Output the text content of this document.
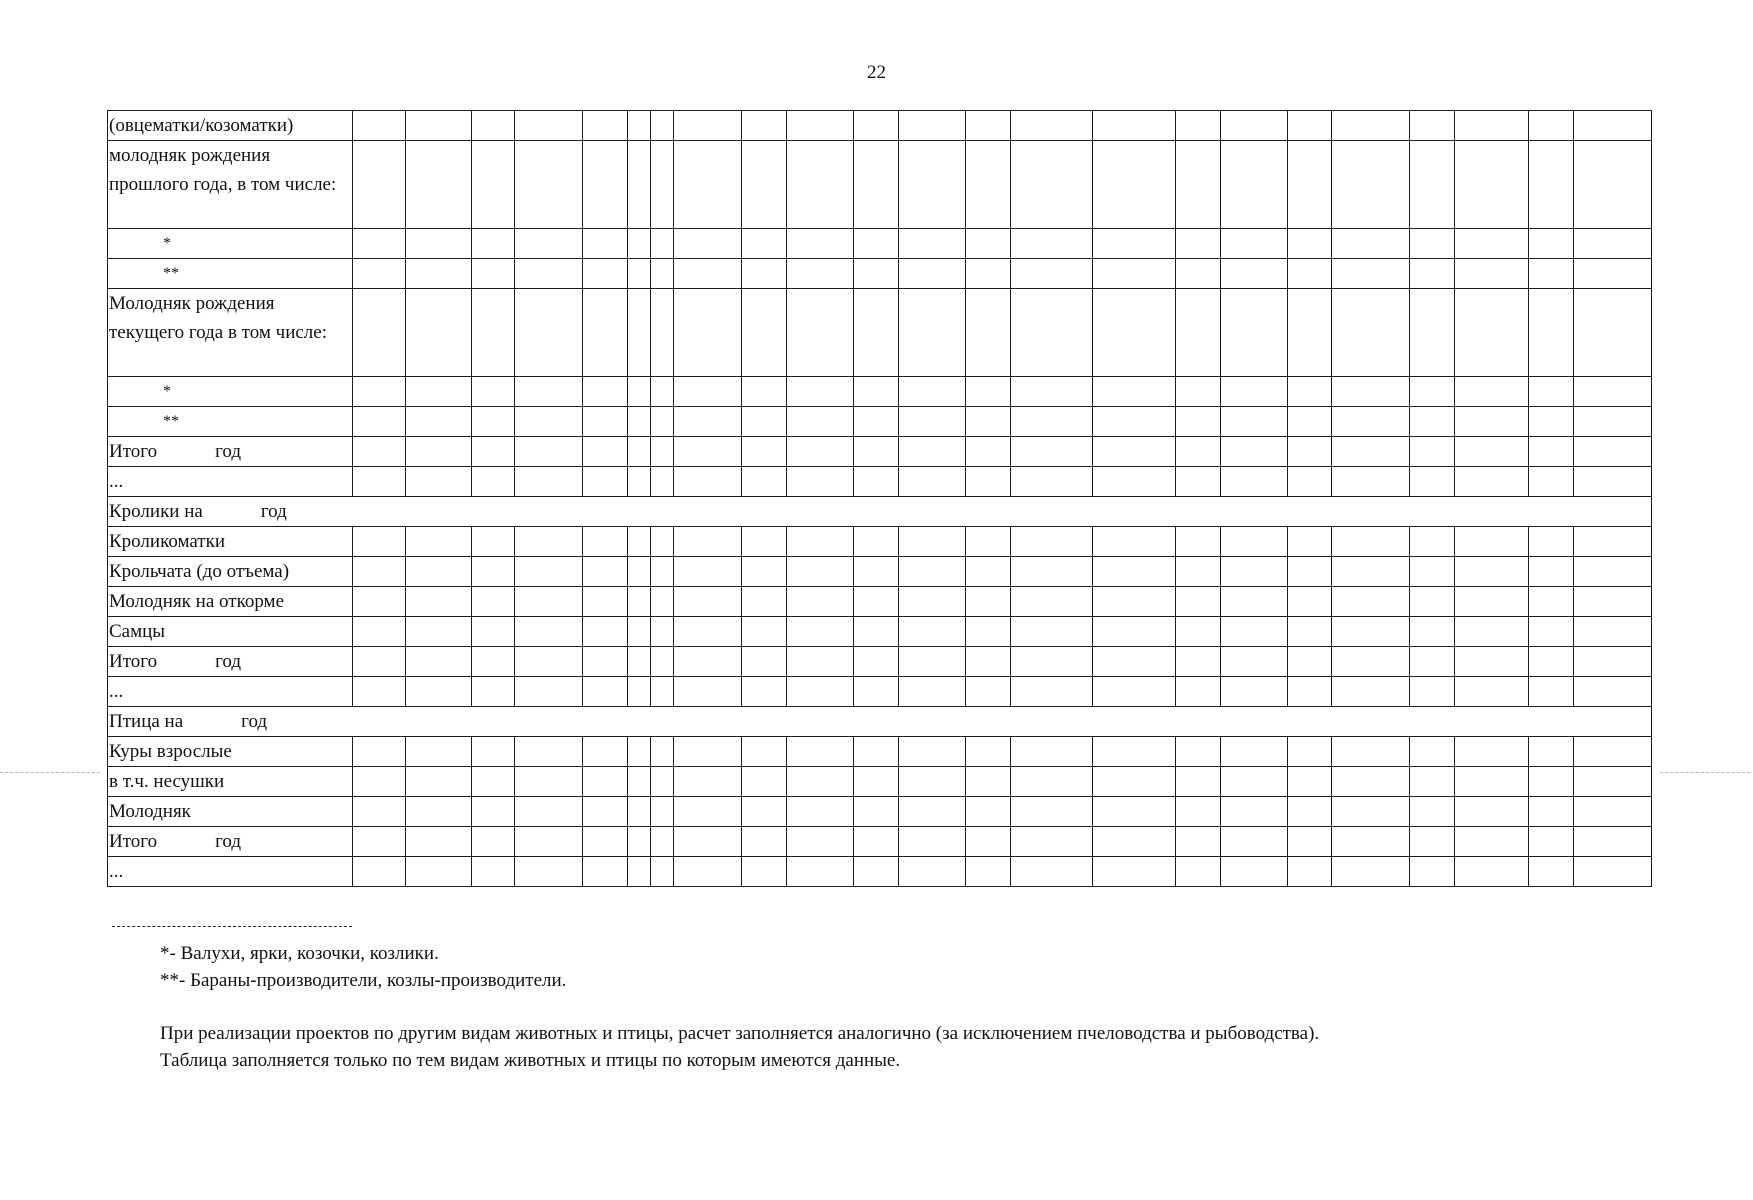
22
(овцематки/козоматки)																							
молодняк рождения прошлого года, в том числе:																							
*																							
**																							
Молодняк рождения текущего года в том числе:																							
*																							
**																							
Итого год																							
...																							
Кролики на год																							
Кроликоматки																							
Крольчата (до отъема)																							
Молодняк на откорме																							
Самцы																							
Итого год																							
...																							
Птица на год																							
Куры взрослые																							
в т.ч. несушки																							
Молодняк																							
Итого год																							
...																							
*- Валухи, ярки, козочки, козлики.
**- Бараны-производители, козлы-производители.
При реализации проектов по другим видам животных и птицы, расчет заполняется аналогично (за исключением пчеловодства и рыбоводства).
Таблица заполняется только по тем видам животных и птицы по которым имеются данные.
